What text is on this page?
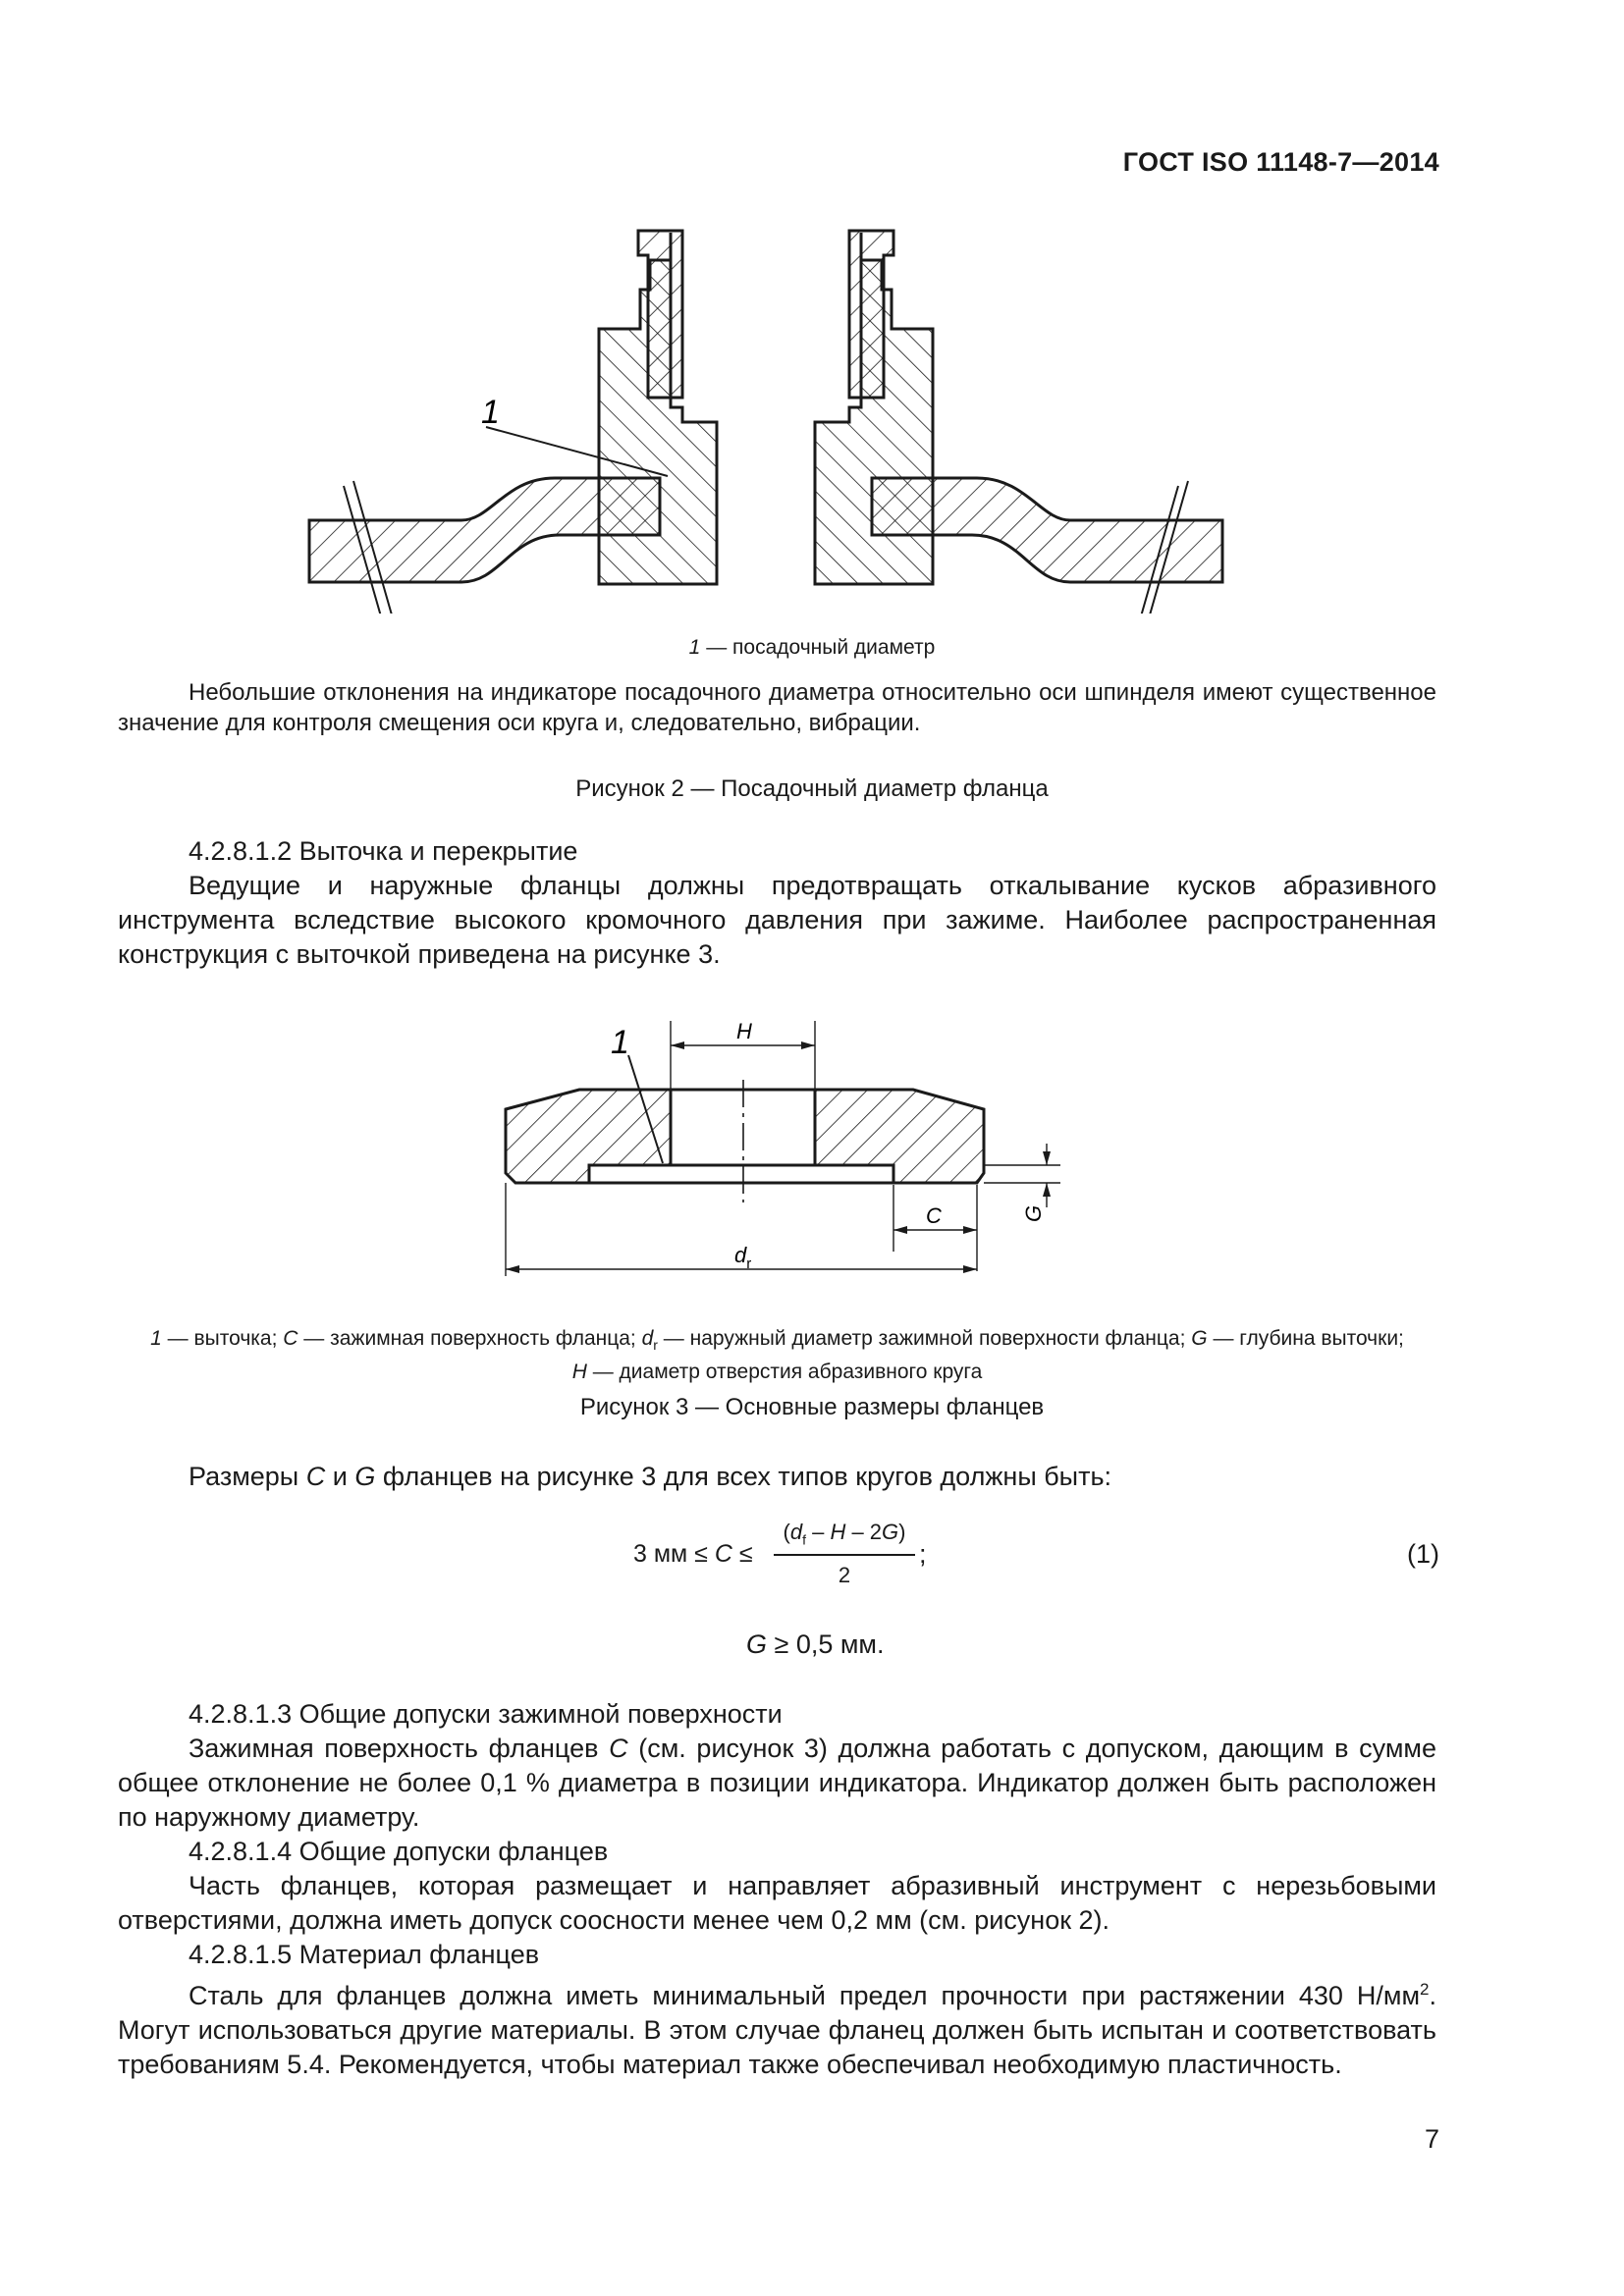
ГОСТ ISO 11148-7—2014
1
1 — посадочный диаметр
Небольшие отклонения на индикаторе посадочного диаметра относительно оси шпинделя имеют существенное значение для контроля смещения оси круга и, следовательно, вибрации.
Рисунок 2 — Посадочный диаметр фланца
4.2.8.1.2 Выточка и перекрытие
Ведущие и наружные фланцы должны предотвращать откалывание кусков абразивного инструмента вследствие высокого кромочного давления при зажиме. Наиболее распространенная конструкция с выточкой приведена на рисунке 3.
H
1
C
$d_r$
G
1 — выточка; C — зажимная поверхность фланца; $d_r$ — наружный диаметр зажимной поверхности фланца; G — глубина выточки;
H — диаметр отверстия абразивного круга
Рисунок 3 — Основные размеры фланцев
Размеры C и G фланцев на рисунке 3 для всех типов кругов должны быть:
3 мм ≤ C ≤
($d_f$ – H – 2G)
2
;	(1)
G ≥ 0,5 мм.
4.2.8.1.3 Общие допуски зажимной поверхности
Зажимная поверхность фланцев C (см. рисунок 3) должна работать с допуском, дающим в сумме общее отклонение не более 0,1 % диаметра в позиции индикатора. Индикатор должен быть расположен по наружному диаметру.
4.2.8.1.4 Общие допуски фланцев
Часть фланцев, которая размещает и направляет абразивный инструмент с нерезьбовыми отверстиями, должна иметь допуск соосности менее чем 0,2 мм (см. рисунок 2).
4.2.8.1.5 Материал фланцев
Сталь для фланцев должна иметь минимальный предел прочности при растяжении 430 $Н/мм^2$. Могут использоваться другие материалы. В этом случае фланец должен быть испытан и соответствовать требованиям 5.4. Рекомендуется, чтобы материал также обеспечивал необходимую пластичность.
7
